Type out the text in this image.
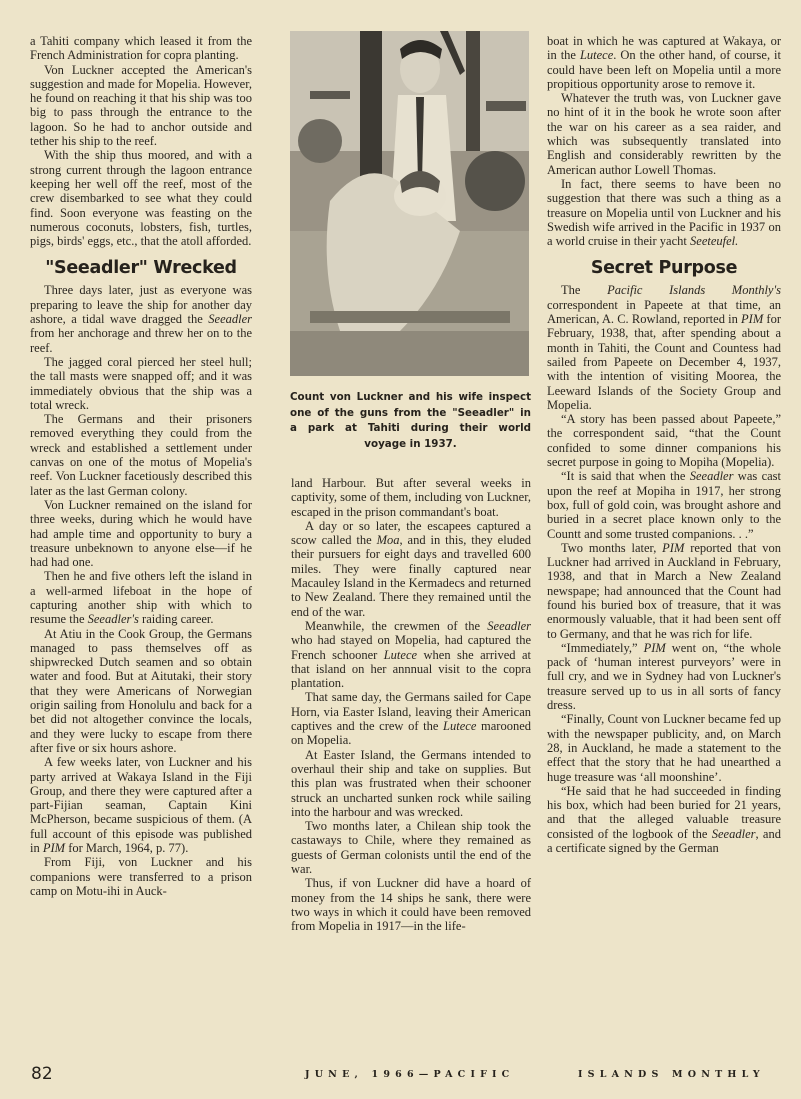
a Tahiti company which leased it from the French Administration for copra planting.

Von Luckner accepted the American's suggestion and made for Mopelia. However, he found on reaching it that his ship was too big to pass through the entrance to the lagoon. So he had to anchor outside and tether his ship to the reef.

With the ship thus moored, and with a strong current through the lagoon entrance keeping her well off the reef, most of the crew disembarked to see what they could find. Soon everyone was feasting on the numerous coconuts, lobsters, fish, turtles, pigs, birds' eggs, etc., that the atoll afforded.

"Seeadler" Wrecked

Three days later, just as everyone was preparing to leave the ship for another day ashore, a tidal wave dragged the Seeadler from her anchorage and threw her on to the reef.

The jagged coral pierced her steel hull; the tall masts were snapped off; and it was immediately obvious that the ship was a total wreck.

The Germans and their prisoners removed everything they could from the wreck and established a settlement under canvas on one of the motus of Mopelia's reef. Von Luckner facetiously described this later as the last German colony.

Von Luckner remained on the island for three weeks, during which he would have had ample time and opportunity to bury a treasure unbeknown to anyone else—if he had had one.

Then he and five others left the island in a well-armed lifeboat in the hope of capturing another ship with which to resume the Seeadler's raiding career.

At Atiu in the Cook Group, the Germans managed to pass themselves off as shipwrecked Dutch seamen and so obtain water and food. But at Aitutaki, their story that they were Americans of Norwegian origin sailing from Honolulu and back for a bet did not altogether convince the locals, and they were lucky to escape from there after five or six hours ashore.

A few weeks later, von Luckner and his party arrived at Wakaya Island in the Fiji Group, and there they were captured after a part-Fijian seaman, Captain Kini McPherson, became suspicious of them. (A full account of this episode was published in PIM for March, 1964, p. 77).

From Fiji, von Luckner and his companions were transferred to a prison camp on Motu-ihi in Auck-

Count von Luckner and his wife inspect
one of the guns from the "Seeadler" in
a park at Tahiti during their world
voyage in 1937.

land Harbour. But after several weeks in captivity, some of them, including von Luckner, escaped in the prison commandant's boat.

A day or so later, the escapees captured a scow called the Moa, and in this, they eluded their pursuers for eight days and travelled 600 miles. They were finally captured near Macauley Island in the Kermadecs and returned to New Zealand. There they remained until the end of the war.

Meanwhile, the crewmen of the Seeadler who had stayed on Mopelia, had captured the French schooner Lutece when she arrived at that island on her annnual visit to the copra plantation.

That same day, the Germans sailed for Cape Horn, via Easter Island, leaving their American captives and the crew of the Lutece marooned on Mopelia.

At Easter Island, the Germans intended to overhaul their ship and take on supplies. But this plan was frustrated when their schooner struck an uncharted sunken rock while sailing into the harbour and was wrecked.

Two months later, a Chilean ship took the castaways to Chile, where they remained as guests of German colonists until the end of the war.

Thus, if von Luckner did have a hoard of money from the 14 ships he sank, there were two ways in which it could have been removed from Mopelia in 1917—in the life-

boat in which he was captured at Wakaya, or in the Lutece. On the other hand, of course, it could have been left on Mopelia until a more propitious opportunity arose to remove it.

Whatever the truth was, von Luckner gave no hint of it in the book he wrote soon after the war on his career as a sea raider, and which was subsequently translated into English and considerably rewritten by the American author Lowell Thomas.

In fact, there seems to have been no suggestion that there was such a thing as a treasure on Mopelia until von Luckner and his Swedish wife arrived in the Pacific in 1937 on a world cruise in their yacht Seeteufel.

Secret Purpose

The Pacific Islands Monthly's correspondent in Papeete at that time, an American, A. C. Rowland, reported in PIM for February, 1938, that, after spending about a month in Tahiti, the Count and Countess had sailed from Papeete on December 4, 1937, with the intention of visiting Moorea, the Leeward Islands of the Society Group and Mopelia.

“A story has been passed about Papeete,” the correspondent said, “that the Count confided to some dinner companions his secret purpose in going to Mopiha (Mopelia).

“It is said that when the Seeadler was cast upon the reef at Mopiha in 1917, her strong box, full of gold coin, was brought ashore and buried in a secret place known only to the Countt and some trusted companions. . .”

Two months later, PIM reported that von Luckner had arrived in Auckland in February, 1938, and that in March a New Zealand newspape; had announced that the Count had found his buried box of treasure, that it was enormously valuable, that it had been sent off to Germany, and that he was rich for life.

“Immediately,” PIM went on, “the whole pack of ‘human interest purveyors’ were in full cry, and we in Sydney had von Luckner's treasure served up to us in all sorts of fancy dress.

“Finally, Count von Luckner became fed up with the newspaper publicity, and, on March 28, in Auckland, he made a statement to the effect that the story that he had unearthed a huge treasure was ‘all moonshine’.

“He said that he had succeeded in finding his box, which had been buried for 21 years, and that the alleged valuable treasure consisted of the logbook of the Seeadler, and a certificate signed by the German

82	JUNE, 1966—PACIFIC	ISLANDS MONTHLY
